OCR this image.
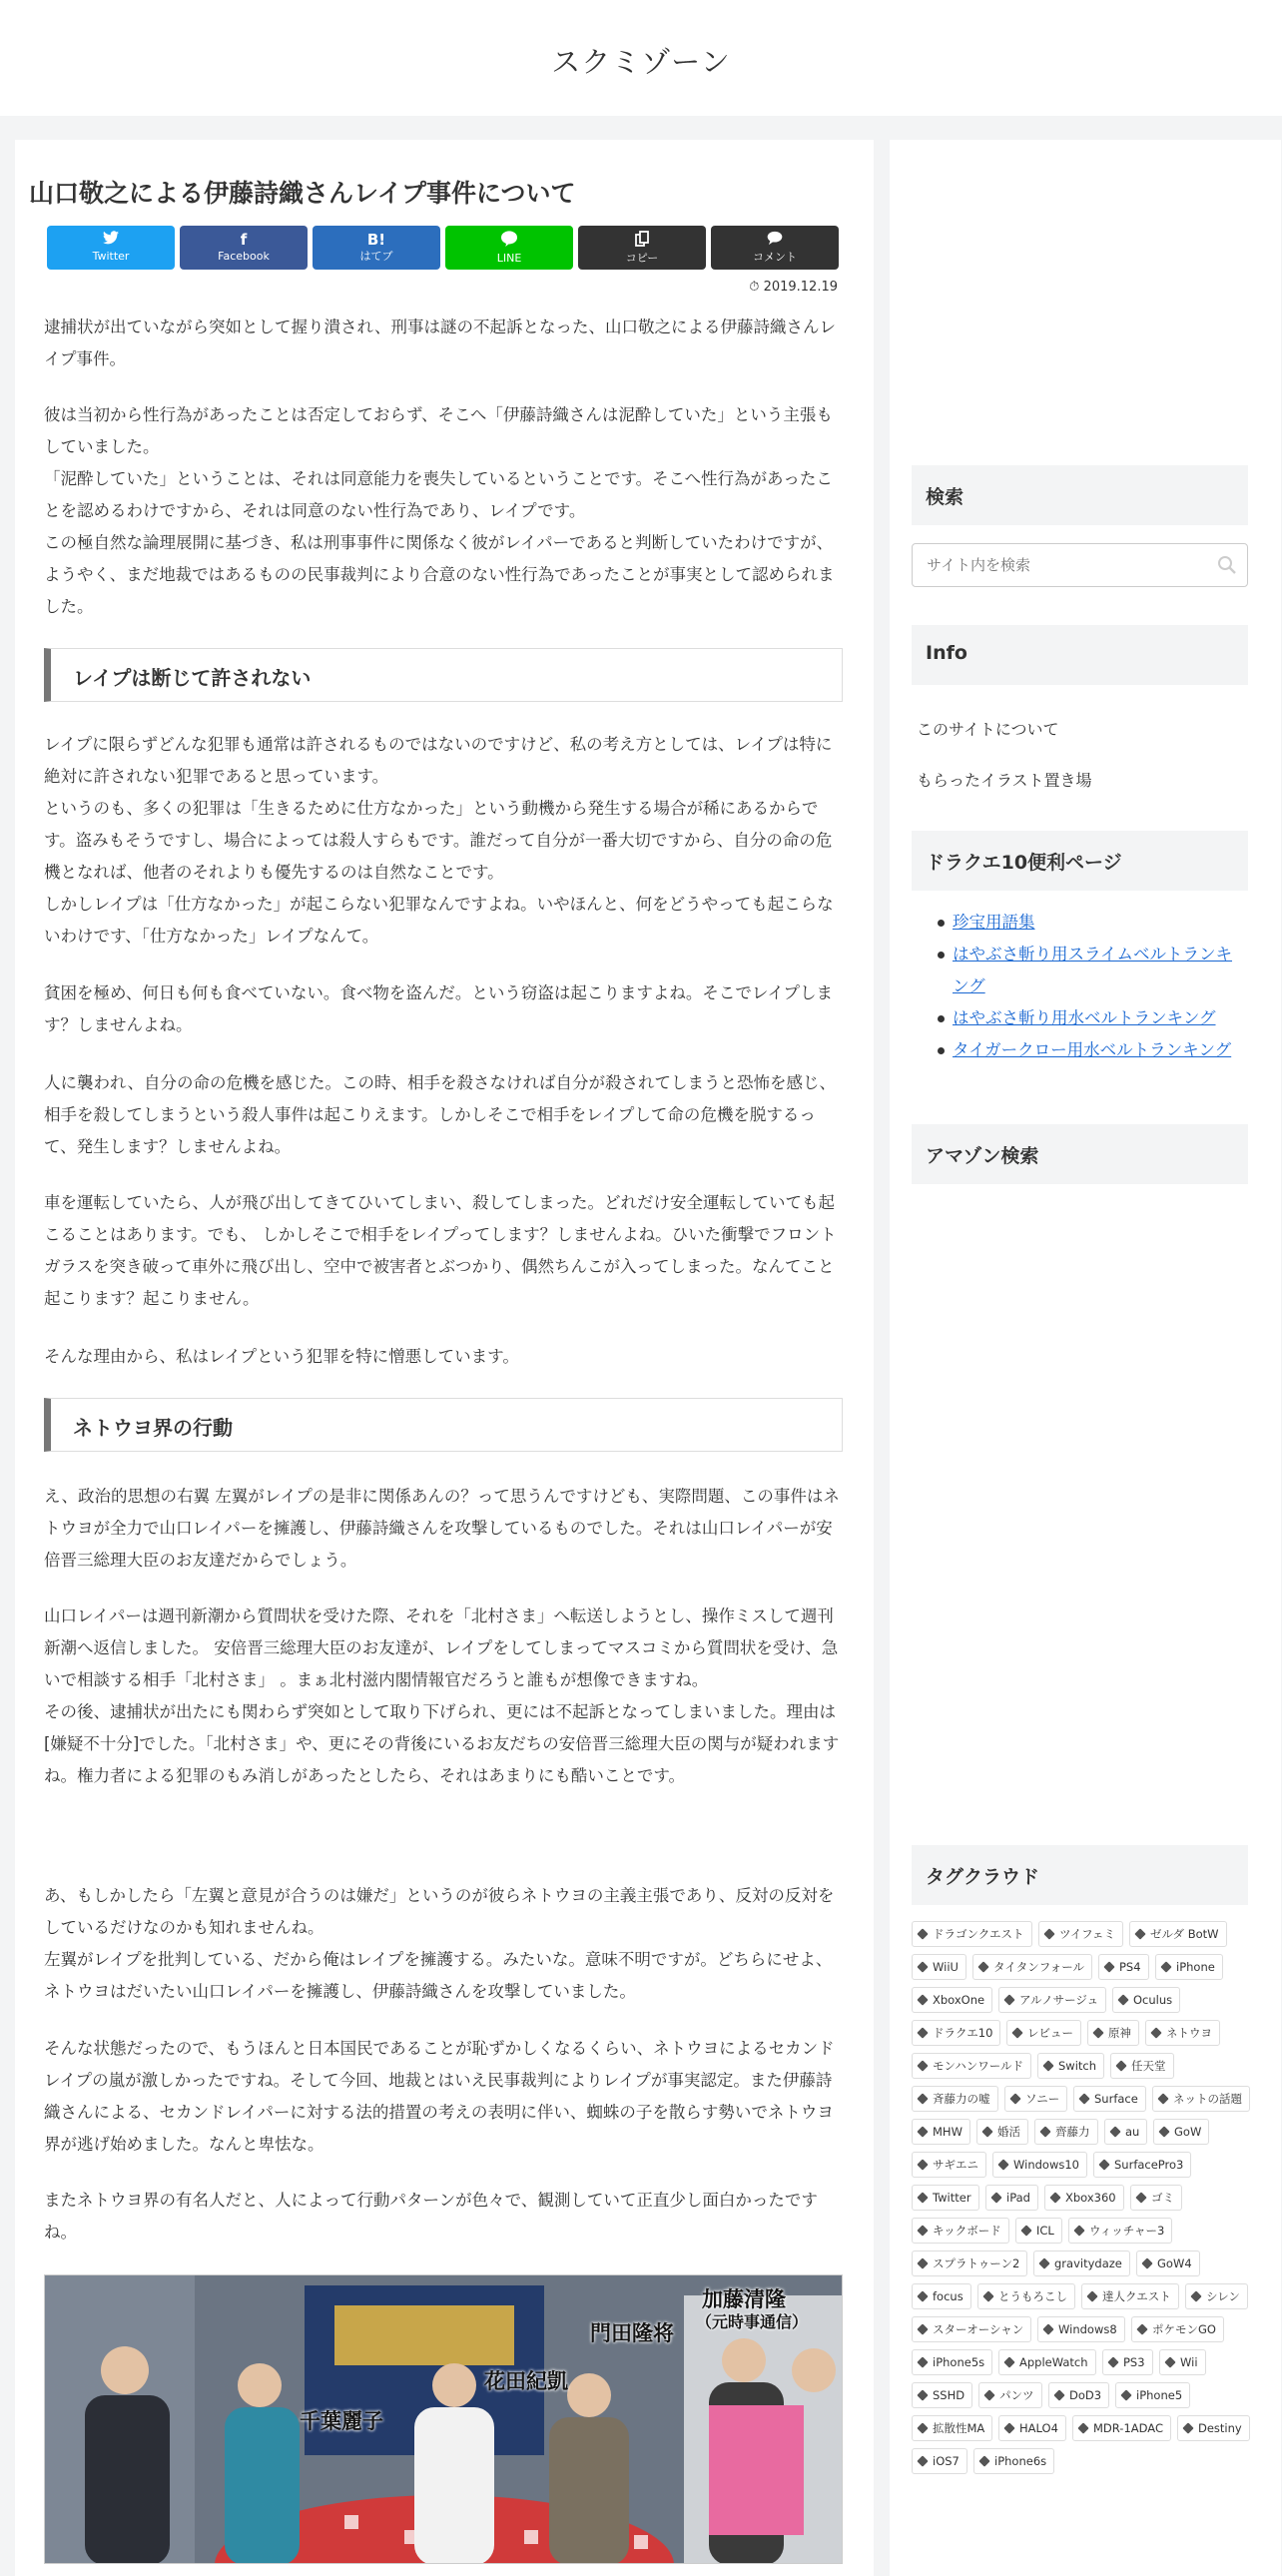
スクミゾーン
山口敬之による伊藤詩織さんレイプ事件について
Twitter
f
Facebook
B!
はてブ	LINE	コピー	コメント
⏱ 2019.12.19

逮捕状が出ていながら突如として握り潰され、刑事は謎の不起訴となった、山口敬之による伊藤詩織さんレイプ事件。

彼は当初から性行為があったことは否定しておらず、そこへ「伊藤詩織さんは泥酔していた」という主張もしていました。
「泥酔していた」ということは、それは同意能力を喪失しているということです。そこへ性行為があったことを認めるわけですから、それは同意のない性行為であり、レイプです。
この極自然な論理展開に基づき、私は刑事事件に関係なく彼がレイパーであると判断していたわけですが、ようやく、まだ地裁ではあるものの民事裁判により合意のない性行為であったことが事実として認められました。

レイプは断じて許されない

レイプに限らずどんな犯罪も通常は許されるものではないのですけど、私の考え方としては、レイプは特に絶対に許されない犯罪であると思っています。
というのも、多くの犯罪は「生きるために仕方なかった」という動機から発生する場合が稀にあるからです。盗みもそうですし、場合によっては殺人すらもです。誰だって自分が一番大切ですから、自分の命の危機となれば、他者のそれよりも優先するのは自然なことです。
しかしレイプは「仕方なかった」が起こらない犯罪なんですよね。いやほんと、何をどうやっても起こらないわけです、「仕方なかった」レイプなんて。

貧困を極め、何日も何も食べていない。食べ物を盗んだ。という窃盗は起こりますよね。そこでレイプします？しませんよね。

人に襲われ、自分の命の危機を感じた。この時、相手を殺さなければ自分が殺されてしまうと恐怖を感じ、相手を殺してしまうという殺人事件は起こりえます。しかしそこで相手をレイプして命の危機を脱するって、発生します？しませんよね。

車を運転していたら、人が飛び出してきてひいてしまい、殺してしまった。どれだけ安全運転していても起こることはあります。でも、 しかしそこで相手をレイプってします？しませんよね。ひいた衝撃でフロントガラスを突き破って車外に飛び出し、空中で被害者とぶつかり、偶然ちんこが入ってしまった。なんてこと起こります？起こりません。

そんな理由から、私はレイプという犯罪を特に憎悪しています。

ネトウヨ界の行動

え、政治的思想の右翼 左翼がレイプの是非に関係あんの？って思うんですけども、実際問題、この事件はネトウヨが全力で山口レイパーを擁護し、伊藤詩織さんを攻撃しているものでした。それは山口レイパーが安倍晋三総理大臣のお友達だからでしょう。

山口レイパーは週刊新潮から質問状を受けた際、それを「北村さま」へ転送しようとし、操作ミスして週刊新潮へ返信しました。 安倍晋三総理大臣のお友達が、レイプをしてしまってマスコミから質問状を受け、急いで相談する相手「北村さま」 。まぁ北村滋内閣情報官だろうと誰もが想像できますね。
その後、逮捕状が出たにも関わらず突如として取り下げられ、更には不起訴となってしまいました。理由は[嫌疑不十分]でした。「北村さま」や、更にその背後にいるお友だちの安倍晋三総理大臣の関与が疑われますね。権力者による犯罪のもみ消しがあったとしたら、それはあまりにも酷いことです。

あ、もしかしたら「左翼と意見が合うのは嫌だ」というのが彼らネトウヨの主義主張であり、反対の反対をしているだけなのかも知れませんね。
左翼がレイプを批判している、だから俺はレイプを擁護する。みたいな。意味不明ですが。どちらにせよ、ネトウヨはだいたい山口レイパーを擁護し、伊藤詩織さんを攻撃していました。

そんな状態だったので、もうほんと日本国民であることが恥ずかしくなるくらい、ネトウヨによるセカンドレイプの嵐が激しかったですね。そして今回、地裁とはいえ民事裁判によりレイプが事実認定。また伊藤詩織さんによる、セカンドレイパーに対する法的措置の考えの表明に伴い、蜘蛛の子を散らす勢いでネトウヨ界が逃げ始めました。なんと卑怯な。

またネトウヨ界の有名人だと、人によって行動パターンが色々で、観測していて正直少し面白かったですね。

加藤清隆
（元時事通信）
門田隆将
花田紀凱
千葉麗子
検索
サイト内を検索
Info
このサイトについて
もらったイラスト置き場
ドラクエ10便利ページ
珍宝用語集
はやぶさ斬り用スライムベルトランキング
はやぶさ斬り用水ベルトランキング
タイガークロー用水ベルトランキング
アマゾン検索
タグクラウド
ドラゴンクエスト	ツイフェミ	ゼルダ BotW
WiiU	タイタンフォール	PS4	iPhone
XboxOne	アルノサージュ	Oculus
ドラクエ10	レビュー	原神	ネトウヨ
モンハンワールド	Switch	任天堂
斉藤力の嘘	ソニー	Surface	ネットの話題
MHW	婚活	齊藤力	au	GoW
サギエニ	Windows10	SurfacePro3
Twitter	iPad	Xbox360	ゴミ
キックボード	ICL	ウィッチャー3
スプラトゥーン2	gravitydaze	GoW4
focus	とうもろこし	達人クエスト	シレン
スターオーシャン	Windows8	ポケモンGO
iPhone5s	AppleWatch	PS3	Wii
SSHD	パンツ	DoD3	iPhone5
拡散性MA	HALO4	MDR-1ADAC	Destiny
iOS7	iPhone6s
